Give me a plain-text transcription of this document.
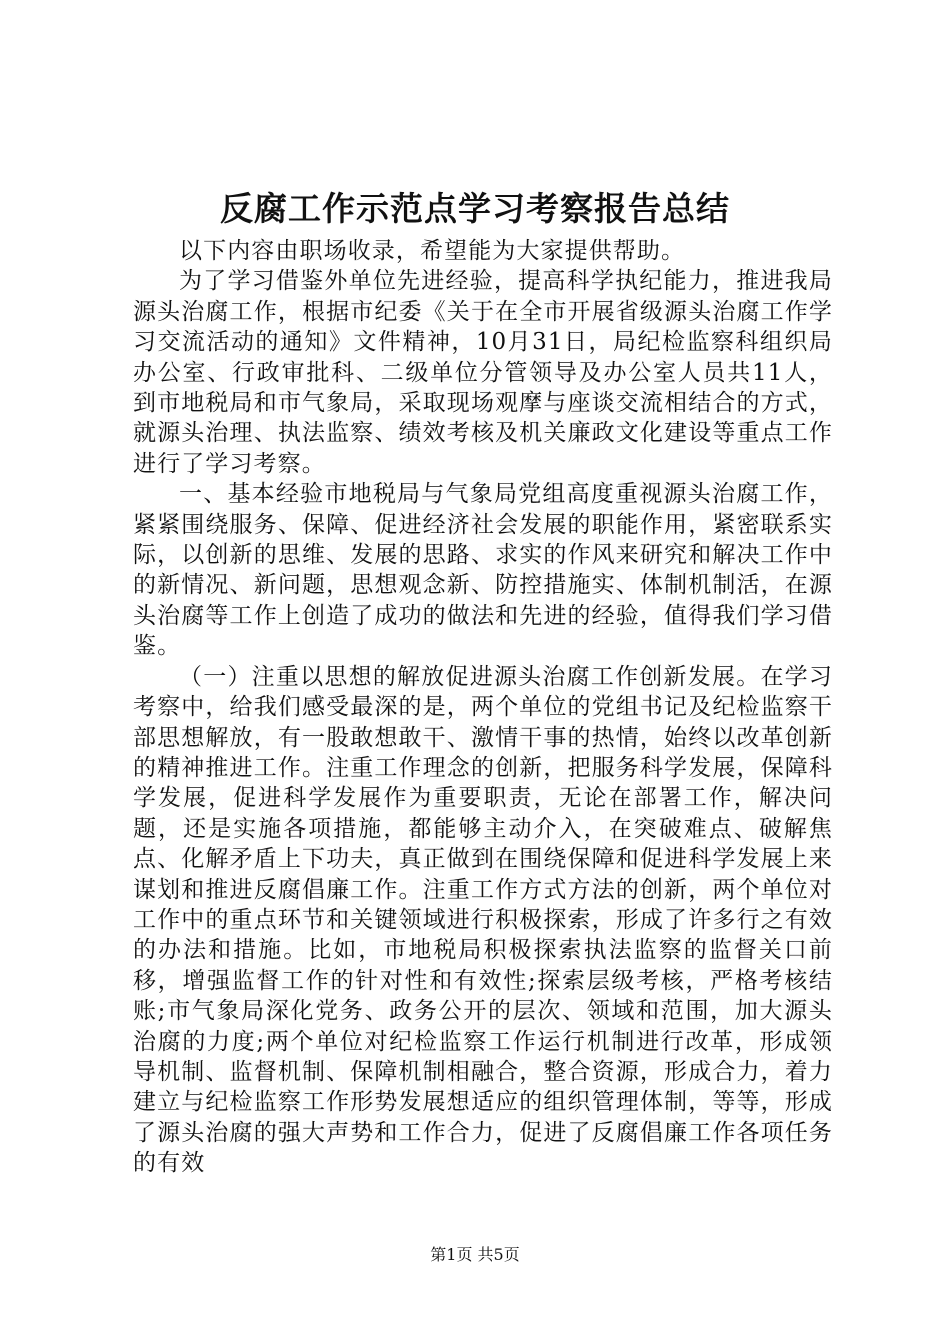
反腐工作示范点学习考察报告总结

以下内容由职场收录，希望能为大家提供帮助。

为了学习借鉴外单位先进经验，提高科学执纪能力，推进我局源头治腐工作，根据市纪委《关于在全市开展省级源头治腐工作学习交流活动的通知》文件精神，10月31日，局纪检监察科组织局办公室、行政审批科、二级单位分管领导及办公室人员共11人，到市地税局和市气象局，采取现场观摩与座谈交流相结合的方式，就源头治理、执法监察、绩效考核及机关廉政文化建设等重点工作进行了学习考察。

一、基本经验市地税局与气象局党组高度重视源头治腐工作，紧紧围绕服务、保障、促进经济社会发展的职能作用，紧密联系实际，以创新的思维、发展的思路、求实的作风来研究和解决工作中的新情况、新问题，思想观念新、防控措施实、体制机制活，在源头治腐等工作上创造了成功的做法和先进的经验，值得我们学习借鉴。

（一）注重以思想的解放促进源头治腐工作创新发展。在学习考察中，给我们感受最深的是，两个单位的党组书记及纪检监察干部思想解放，有一股敢想敢干、激情干事的热情，始终以改革创新的精神推进工作。注重工作理念的创新，把服务科学发展，保障科学发展，促进科学发展作为重要职责，无论在部署工作，解决问题，还是实施各项措施，都能够主动介入，在突破难点、破解焦点、化解矛盾上下功夫，真正做到在围绕保障和促进科学发展上来谋划和推进反腐倡廉工作。注重工作方式方法的创新，两个单位对工作中的重点环节和关键领域进行积极探索，形成了许多行之有效的办法和措施。比如，市地税局积极探索执法监察的监督关口前移，增强监督工作的针对性和有效性;探索层级考核，严格考核结账;市气象局深化党务、政务公开的层次、领域和范围，加大源头治腐的力度;两个单位对纪检监察工作运行机制进行改革，形成领导机制、监督机制、保障机制相融合，整合资源，形成合力，着力建立与纪检监察工作形势发展想适应的组织管理体制，等等，形成了源头治腐的强大声势和工作合力，促进了反腐倡廉工作各项任务的有效

第1页 共5页
